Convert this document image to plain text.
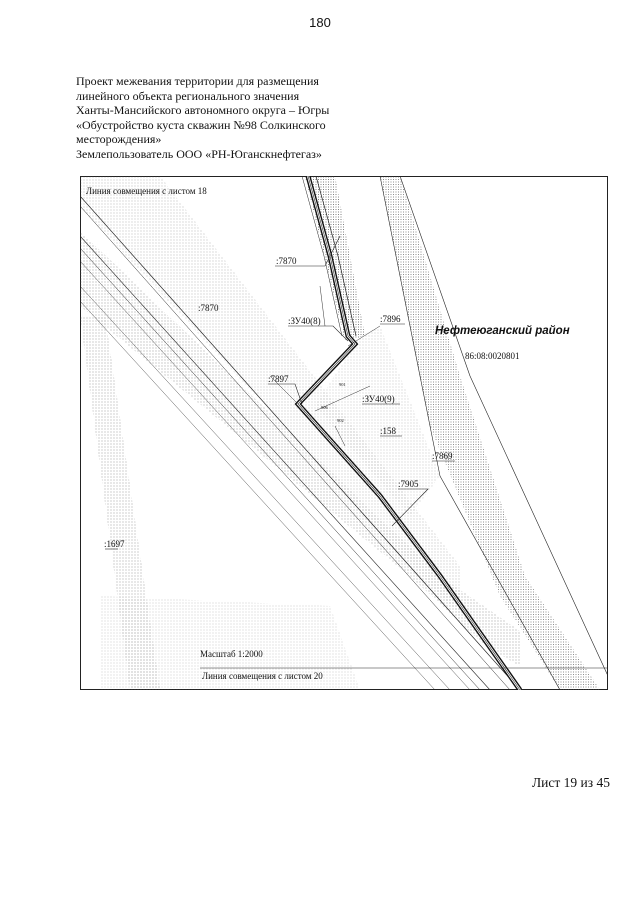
180
Проект межевания территории для размещения
линейного объекта регионального значения
Ханты-Мансийского автономного округа – Югры
«Обустройство куста скважин №98 Солкинского
месторождения»
Землепользователь ООО «РН-Юганскнефтегаз»
Линия совмещения с листом 18
:7870
:7870
:ЗУ40(8)	:7896
:7897
:ЗУ40(9)
:158
:7869
:7905
:1697
901
902
906
Нефтеюганский район
86:08:0020801
Масштаб 1:2000
Линия совмещения с листом 20
Лист 19 из 45
